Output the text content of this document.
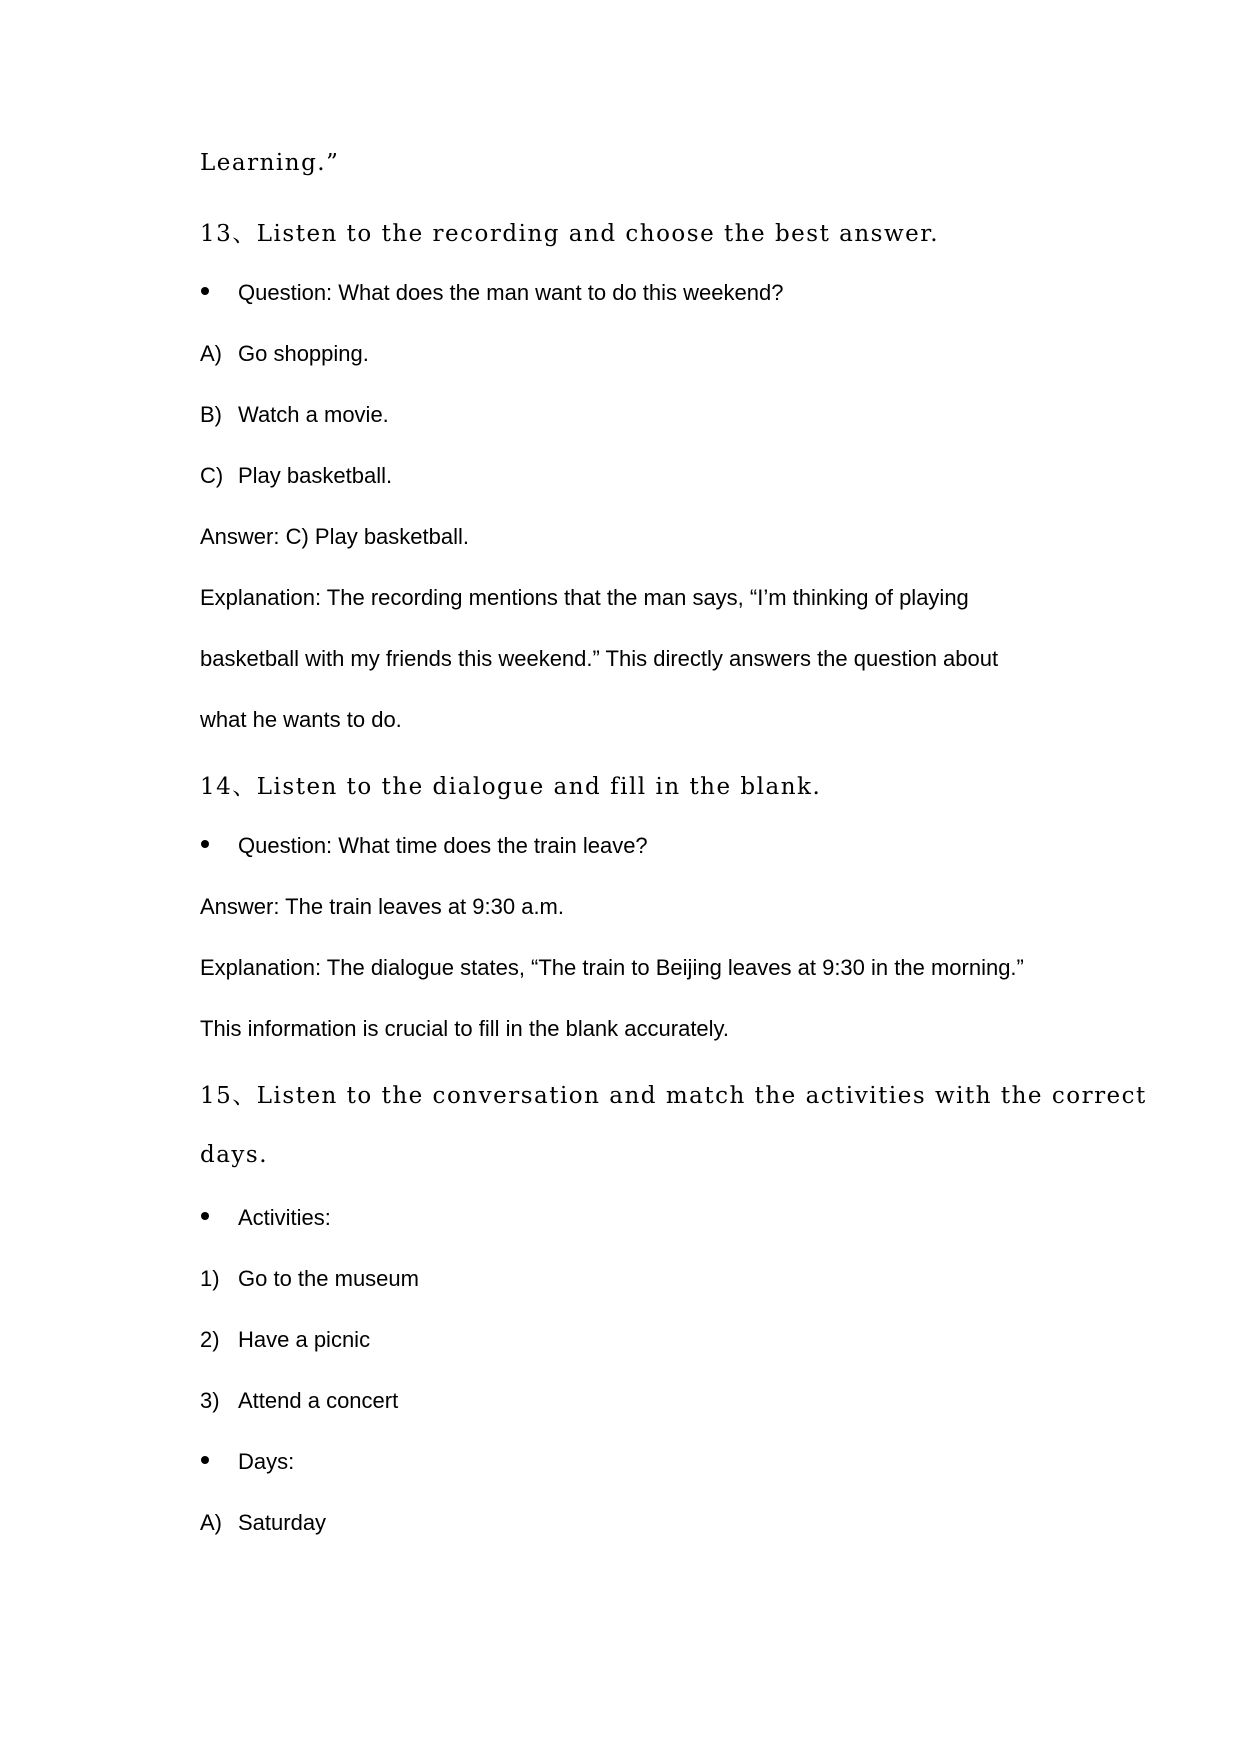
Learning.”
13、Listen to the recording and choose the best answer.
Question: What does the man want to do this weekend?
A) Go shopping.
B) Watch a movie.
C) Play basketball.
Answer: C) Play basketball.
Explanation: The recording mentions that the man says, “I’m thinking of playing
basketball with my friends this weekend.” This directly answers the question about
what he wants to do.
14、Listen to the dialogue and fill in the blank.
Question: What time does the train leave?
Answer: The train leaves at 9:30 a.m.
Explanation: The dialogue states, “The train to Beijing leaves at 9:30 in the morning.”
This information is crucial to fill in the blank accurately.
15、Listen to the conversation and match the activities with the correct
days.
Activities:
1) Go to the museum
2) Have a picnic
3) Attend a concert
Days:
A) Saturday
